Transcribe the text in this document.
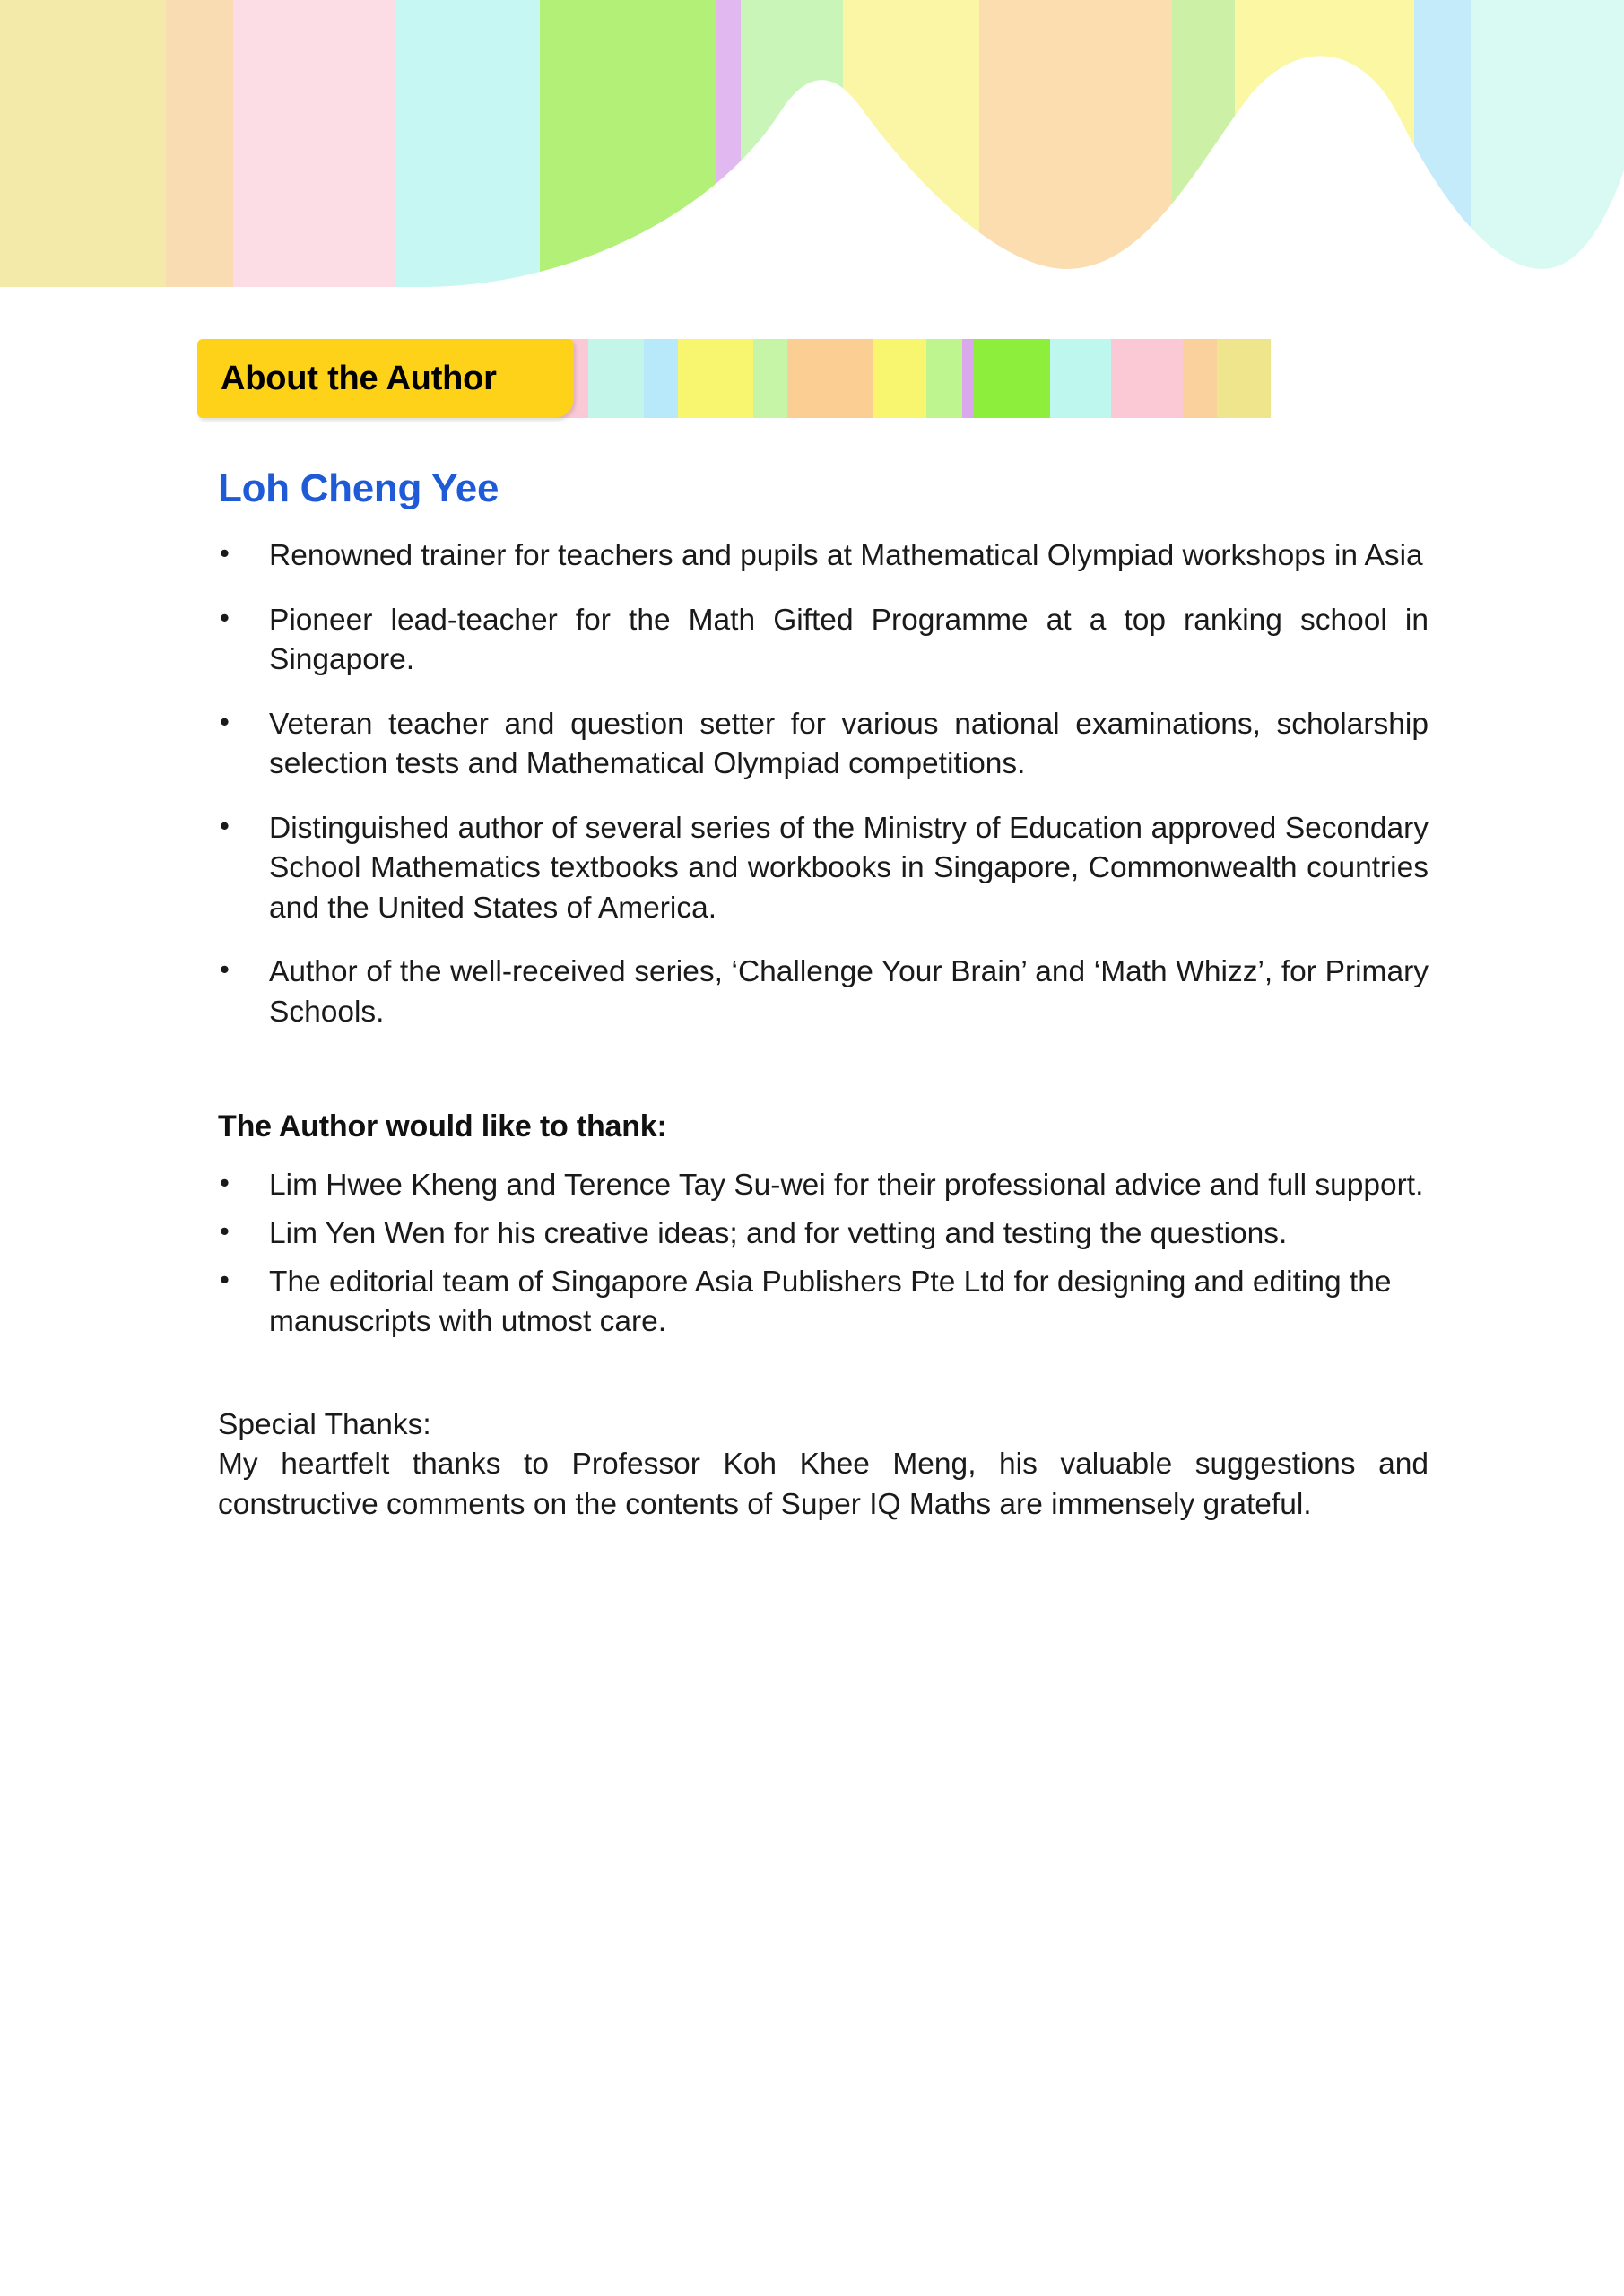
About the Author
Loh Cheng Yee
• Renowned trainer for teachers and pupils at Mathematical Olympiad workshops in Asia
• Pioneer lead-teacher for the Math Gifted Programme at a top ranking school in Singapore.
• Veteran teacher and question setter for various national examinations, scholarship selection tests and Mathematical Olympiad competitions.
• Distinguished author of several series of the Ministry of Education approved Secondary School Mathematics textbooks and workbooks in Singapore, Commonwealth countries and the United States of America.
• Author of the well-received series, ‘Challenge Your Brain’ and ‘Math Whizz’, for Primary Schools.
The Author would like to thank:
• Lim Hwee Kheng and Terence Tay Su-wei for their professional advice and full support.
• Lim Yen Wen for his creative ideas; and for vetting and testing the questions.
• The editorial team of Singapore Asia Publishers Pte Ltd for designing and editing the manuscripts with utmost care.
Special Thanks:
My heartfelt thanks to Professor Koh Khee Meng, his valuable suggestions and constructive comments on the contents of Super IQ Maths are immensely grateful.
